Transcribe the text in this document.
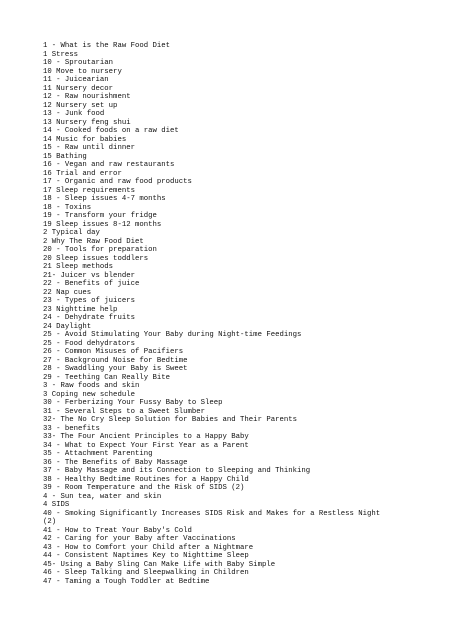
1 - What is the Raw Food Diet
1 Stress
10 - Sproutarian
10 Move to nursery
11 - Juicearian
11 Nursery decor
12 - Raw nourishment
12 Nursery set up
13 - Junk food
13 Nursery feng shui
14 - Cooked foods on a raw diet
14 Music for babies
15 - Raw until dinner
15 Bathing
16 - Vegan and raw restaurants
16 Trial and error
17 - Organic and raw food products
17 Sleep requirements
18 - Sleep issues 4-7 months
18 - Toxins
19 - Transform your fridge
19 Sleep issues 8-12 months
2 Typical day
2 Why The Raw Food Diet
20 - Tools for preparation
20 Sleep issues toddlers
21 Sleep methods
21- Juicer vs blender
22 - Benefits of juice
22 Nap cues
23 - Types of juicers
23 Nighttime help
24 - Dehydrate fruits
24 Daylight
25 - Avoid Stimulating Your Baby during Night-time Feedings
25 - Food dehydrators
26 - Common Misuses of Pacifiers
27 - Background Noise for Bedtime
28 - Swaddling your Baby is Sweet
29 - Teething Can Really Bite
3 - Raw foods and skin
3 Coping new schedule
30 - Ferberizing Your Fussy Baby to Sleep
31 - Several Steps to a Sweet Slumber
32- The No Cry Sleep Solution for Babies and Their Parents
33 - benefits
33- The Four Ancient Principles to a Happy Baby
34 - What to Expect Your First Year as a Parent
35 - Attachment Parenting
36 - The Benefits of Baby Massage
37 - Baby Massage and its Connection to Sleeping and Thinking
38 - Healthy Bedtime Routines for a Happy Child
39 - Room Temperature and the Risk of SIDS (2)
4 - Sun tea, water and skin
4 SIDS
40 - Smoking Significantly Increases SIDS Risk and Makes for a Restless Night
(2)
41 - How to Treat Your Baby's Cold
42 - Caring for your Baby after Vaccinations
43 - How to Comfort your Child after a Nightmare
44 - Consistent Naptimes Key to Nighttime Sleep
45- Using a Baby Sling Can Make Life with Baby Simple
46 - Sleep Talking and Sleepwalking in Children
47 - Taming a Tough Toddler at Bedtime
